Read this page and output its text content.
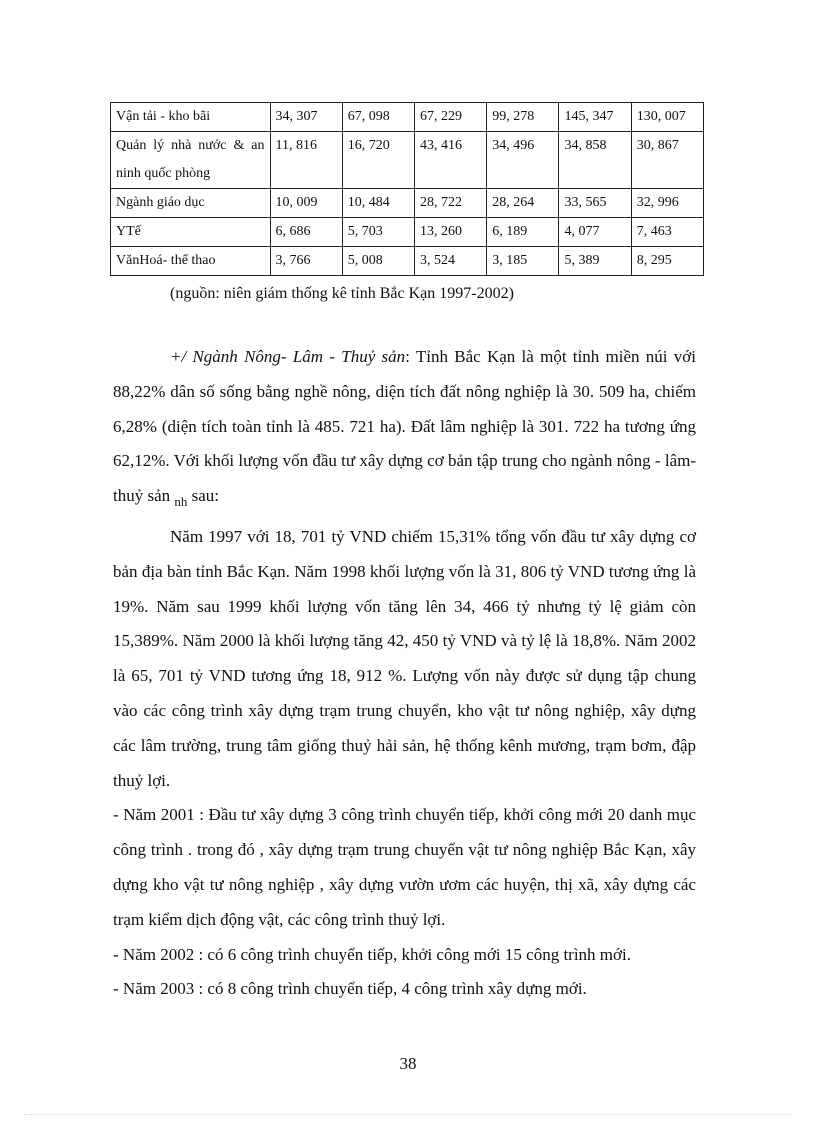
Vận tải - kho bãi	34, 307	67, 098	67, 229	99, 278	145, 347	130, 007
Quản lý nhà nước & an ninh quốc phòng	11, 816	16, 720	43, 416	34, 496	34, 858	30, 867
Ngành giáo dục	10, 009	10, 484	28, 722	28, 264	33, 565	32, 996
YTế	6, 686	5, 703	13, 260	6, 189	4, 077	7, 463
VănHoá- thể thao	3, 766	5, 008	3, 524	3, 185	5, 389	8, 295
(nguồn: niên giám thống kê tỉnh Bắc Kạn 1997-2002)

+/ Ngành Nông- Lâm - Thuỷ sản: Tỉnh Bắc Kạn là một tỉnh miền núi với 88,22% dân số sống bằng nghề nông, diện tích đất nông nghiệp là 30. 509 ha, chiếm 6,28% (diện tích toàn tỉnh là 485. 721 ha). Đất lâm nghiệp là 301. 722 ha tương ứng 62,12%. Với khối lượng vốn đầu tư xây dựng cơ bản tập trung cho ngành nông - lâm- thuỷ sản $_{nh}$ sau:

Năm 1997 với 18, 701 tỷ VND chiếm 15,31% tổng vốn đầu tư xây dựng cơ bản địa bàn tỉnh Bắc Kạn. Năm 1998 khối lượng vốn là 31, 806 tỷ VND tương ứng là 19%. Năm sau 1999 khối lượng vốn tăng lên 34, 466 tỷ nhưng tỷ lệ giảm còn 15,389%. Năm 2000 là khối lượng tăng 42, 450 tỷ VND và tỷ lệ là 18,8%. Năm 2002 là 65, 701 tỷ VND tương ứng 18, 912 %. Lượng vốn này được sử dụng tập chung vào các công trình xây dựng trạm trung chuyển, kho vật tư nông nghiệp, xây dựng các lâm trường, trung tâm giống thuỷ hải sản, hệ thống kênh mương, trạm bơm, đập thuỷ lợi.

- Năm 2001 : Đầu tư xây dựng 3 công trình chuyển tiếp, khởi công mới 20 danh mục công trình . trong đó , xây dựng trạm trung chuyển vật tư nông nghiệp Bắc Kạn, xây dựng kho vật tư nông nghiệp , xây dựng vườn ươm các huyện, thị xã, xây dựng các trạm kiểm dịch động vật, các công trình thuỷ lợi.

- Năm 2002 : có 6 công trình chuyển tiếp, khởi công mới 15 công trình mới.

- Năm 2003 : có 8 công trình chuyển tiếp, 4 công trình xây dựng mới.

38
